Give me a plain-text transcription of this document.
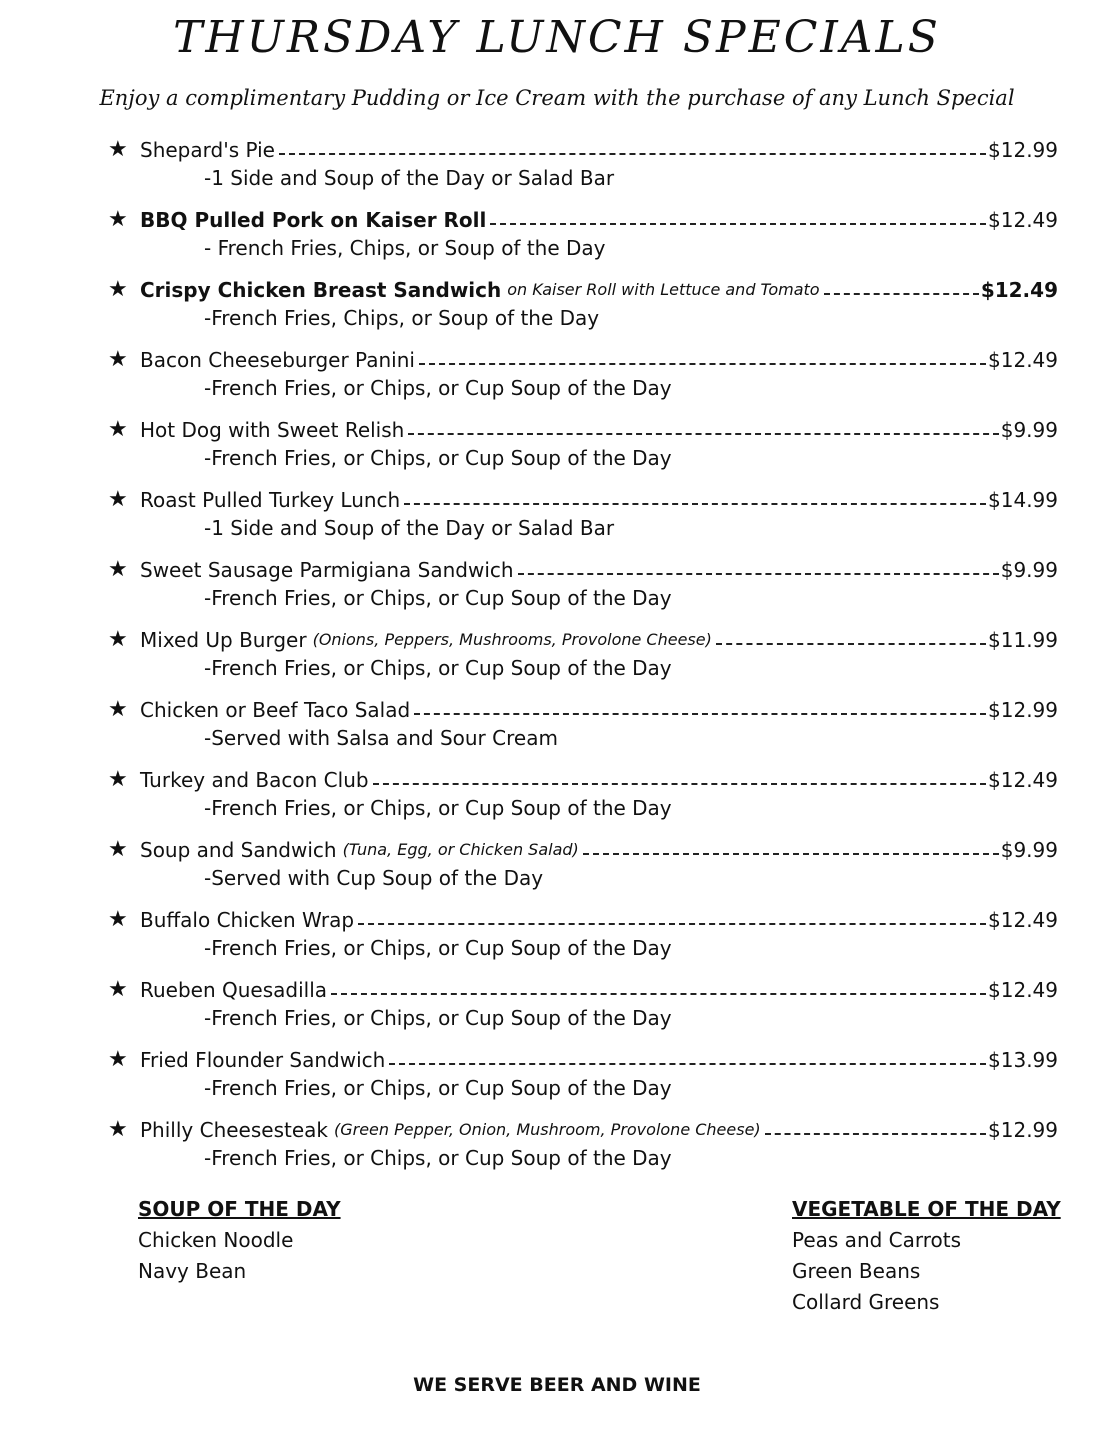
THURSDAY LUNCH SPECIALS
Enjoy a complimentary Pudding or Ice Cream with the purchase of any Lunch Special
★ Shepard's Pie	$12.99
-1 Side and Soup of the Day or Salad Bar
★ BBQ Pulled Pork on Kaiser Roll	$12.49
- French Fries, Chips, or Soup of the Day
★ Crispy Chicken Breast Sandwich on Kaiser Roll with Lettuce and Tomato	$12.49
-French Fries, Chips, or Soup of the Day
★ Bacon Cheeseburger Panini	$12.49
-French Fries, or Chips, or Cup Soup of the Day
★ Hot Dog with Sweet Relish	$9.99
-French Fries, or Chips, or Cup Soup of the Day
★ Roast Pulled Turkey Lunch	$14.99
-1 Side and Soup of the Day or Salad Bar
★ Sweet Sausage Parmigiana Sandwich	$9.99
-French Fries, or Chips, or Cup Soup of the Day
★ Mixed Up Burger (Onions, Peppers, Mushrooms, Provolone Cheese)	$11.99
-French Fries, or Chips, or Cup Soup of the Day
★ Chicken or Beef Taco Salad	$12.99
-Served with Salsa and Sour Cream
★ Turkey and Bacon Club	$12.49
-French Fries, or Chips, or Cup Soup of the Day
★ Soup and Sandwich (Tuna, Egg, or Chicken Salad)	$9.99
-Served with Cup Soup of the Day
★ Buffalo Chicken Wrap	$12.49
-French Fries, or Chips, or Cup Soup of the Day
★ Rueben Quesadilla	$12.49
-French Fries, or Chips, or Cup Soup of the Day
★ Fried Flounder Sandwich	$13.99
-French Fries, or Chips, or Cup Soup of the Day
★ Philly Cheesesteak (Green Pepper, Onion, Mushroom, Provolone Cheese)	$12.99
-French Fries, or Chips, or Cup Soup of the Day
SOUP OF THE DAY
Chicken Noodle
Navy Bean
VEGETABLE OF THE DAY
Peas and Carrots
Green Beans
Collard Greens
WE SERVE BEER AND WINE
